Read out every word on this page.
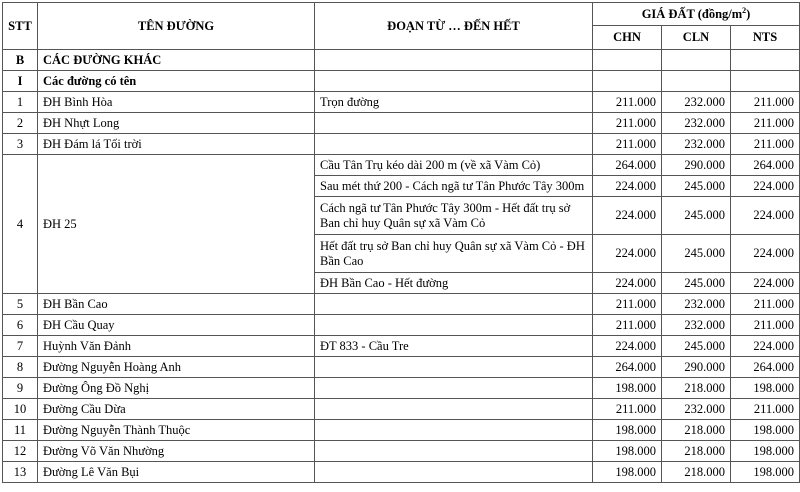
STT	TÊN ĐƯỜNG	ĐOẠN TỪ … ĐẾN HẾT	GIÁ ĐẤT $(đồng/m^2)$		
			CHN	CLN	NTS
B	CÁC ĐƯỜNG KHÁC				
I	Các đường có tên				
1	ĐH Bình Hòa	Trọn đường	211.000	232.000	211.000
2	ĐH Nhựt Long		211.000	232.000	211.000
3	ĐH Đám lá Tối trời		211.000	232.000	211.000
4	ĐH 25	Cầu Tân Trụ kéo dài 200 m (về xã Vàm Cỏ)	264.000	290.000	264.000
		Sau mét thứ 200 - Cách ngã tư Tân Phước Tây 300m	224.000	245.000	224.000
		Cách ngã tư Tân Phước Tây 300m - Hết đất trụ sở Ban chỉ huy Quân sự xã Vàm Cỏ	224.000	245.000	224.000
		Hết đất trụ sở Ban chỉ huy Quân sự xã Vàm Cỏ - ĐH Bần Cao	224.000	245.000	224.000
		ĐH Bần Cao - Hết đường	224.000	245.000	224.000
5	ĐH Bần Cao		211.000	232.000	211.000
6	ĐH Cầu Quay		211.000	232.000	211.000
7	Huỳnh Văn Đảnh	ĐT 833 - Cầu Tre	224.000	245.000	224.000
8	Đường Nguyễn Hoàng Anh		264.000	290.000	264.000
9	Đường Ông Đồ Nghị		198.000	218.000	198.000
10	Đường Cầu Dừa		211.000	232.000	211.000
11	Đường Nguyễn Thành Thuộc		198.000	218.000	198.000
12	Đường Võ Văn Nhường		198.000	218.000	198.000
13	Đường Lê Văn Bụi		198.000	218.000	198.000
